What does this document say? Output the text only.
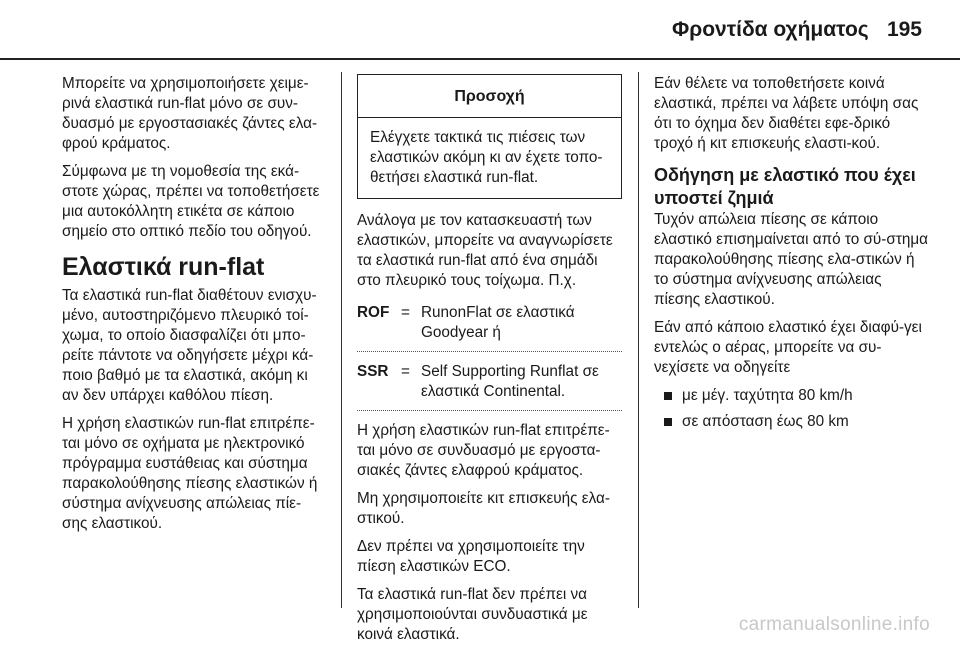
Φροντίδα οχήματος 195

Μπορείτε να χρησιμοποιήσετε χειμε-ρινά ελαστικά run-flat μόνο σε συν-δυασμό με εργοστασιακές ζάντες ελα-φρού κράματος.

Σύμφωνα με τη νομοθεσία της εκά-στοτε χώρας, πρέπει να τοποθετήσετε μια αυτοκόλλητη ετικέτα σε κάποιο σημείο στο οπτικό πεδίο του οδηγού.

Ελαστικά run-flat

Τα ελαστικά run-flat διαθέτουν ενισχυ-μένο, αυτοστηριζόμενο πλευρικό τοί-χωμα, το οποίο διασφαλίζει ότι μπο-ρείτε πάντοτε να οδηγήσετε μέχρι κά-ποιο βαθμό με τα ελαστικά, ακόμη κι αν δεν υπάρχει καθόλου πίεση.

Η χρήση ελαστικών run-flat επιτρέπε-ται μόνο σε οχήματα με ηλεκτρονικό πρόγραμμα ευστάθειας και σύστημα παρακολούθησης πίεσης ελαστικών ή σύστημα ανίχνευσης απώλειας πίε-σης ελαστικού.

Προσοχή
Ελέγχετε τακτικά τις πιέσεις των ελαστικών ακόμη κι αν έχετε τοπο-θετήσει ελαστικά run-flat.

Ανάλογα με τον κατασκευαστή των ελαστικών, μπορείτε να αναγνωρίσετε τα ελαστικά run-flat από ένα σημάδι στο πλευρικό τους τοίχωμα. Π.χ.

ROF = RunonFlat σε ελαστικά Goodyear ή
SSR = Self Supporting Runflat σε ελαστικά Continental.

Η χρήση ελαστικών run-flat επιτρέπε-ται μόνο σε συνδυασμό με εργοστα-σιακές ζάντες ελαφρού κράματος.

Μη χρησιμοποιείτε κιτ επισκευής ελα-στικού.

Δεν πρέπει να χρησιμοποιείτε την πίεση ελαστικών ECO.

Τα ελαστικά run-flat δεν πρέπει να χρησιμοποιούνται συνδυαστικά με κοινά ελαστικά.

Εάν θέλετε να τοποθετήσετε κοινά ελαστικά, πρέπει να λάβετε υπόψη σας ότι το όχημα δεν διαθέτει εφε-δρικό τροχό ή κιτ επισκευής ελαστι-κού.

Οδήγηση με ελαστικό που έχει υποστεί ζημιά

Τυχόν απώλεια πίεσης σε κάποιο ελαστικό επισημαίνεται από το σύ-στημα παρακολούθησης πίεσης ελα-στικών ή το σύστημα ανίχνευσης απώλειας πίεσης ελαστικού.

Εάν από κάποιο ελαστικό έχει διαφύ-γει εντελώς ο αέρας, μπορείτε να συ-νεχίσετε να οδηγείτε

με μέγ. ταχύτητα 80 km/h
σε απόσταση έως 80 km
carmanualsonline.info
